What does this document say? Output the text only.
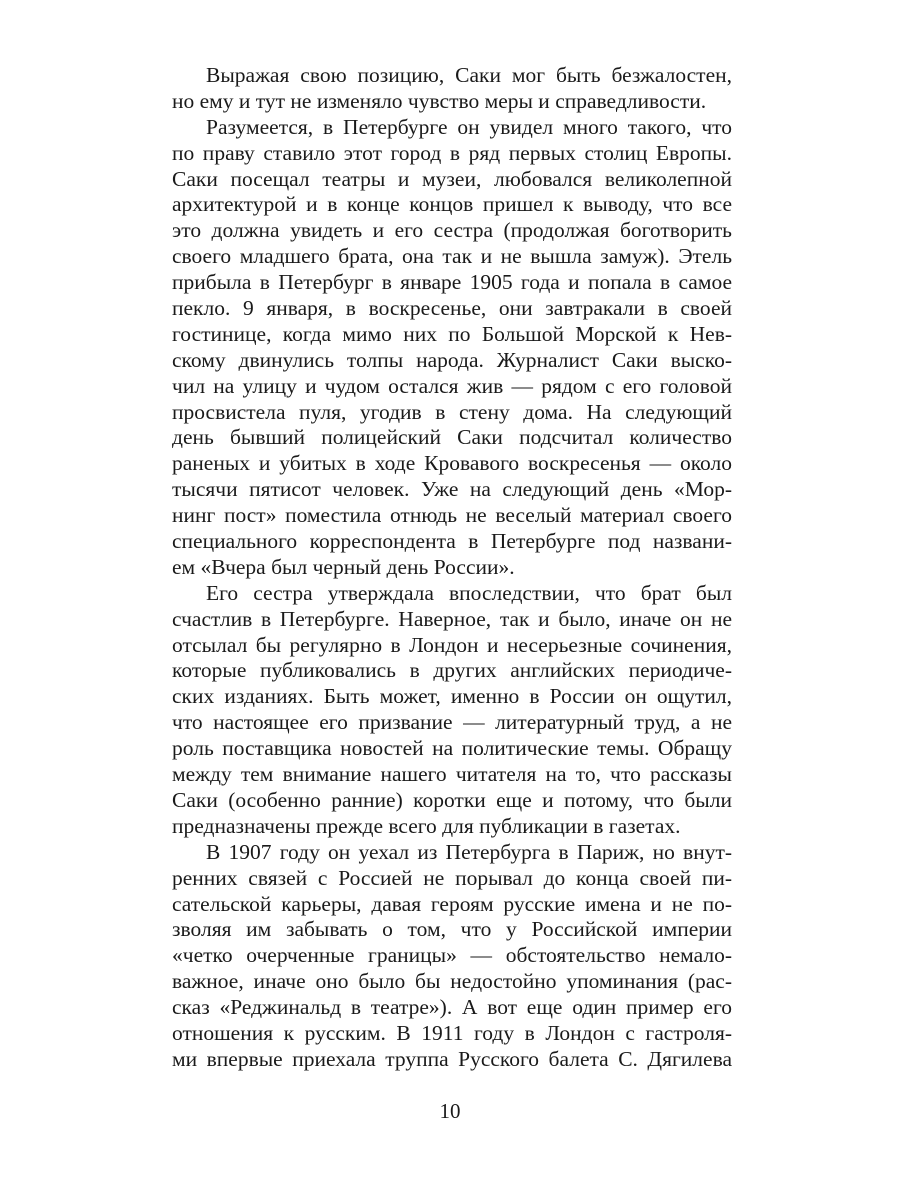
Выражая свою позицию, Саки мог быть безжалостен,
но ему и тут не изменяло чувство меры и справедливости.
Разумеется, в Петербурге он увидел много такого, что
по праву ставило этот город в ряд первых столиц Европы.
Саки посещал театры и музеи, любовался великолепной
архитектурой и в конце концов пришел к выводу, что все
это должна увидеть и его сестра (продолжая боготворить
своего младшего брата, она так и не вышла замуж). Этель
прибыла в Петербург в январе 1905 года и попала в самое
пекло. 9 января, в воскресенье, они завтракали в своей
гостинице, когда мимо них по Большой Морской к Нев-
скому двинулись толпы народа. Журналист Саки выско-
чил на улицу и чудом остался жив — рядом с его головой
просвистела пуля, угодив в стену дома. На следующий
день бывший полицейский Саки подсчитал количество
раненых и убитых в ходе Кровавого воскресенья — около
тысячи пятисот человек. Уже на следующий день «Мор-
нинг пост» поместила отнюдь не веселый материал своего
специального корреспондента в Петербурге под названи-
ем «Вчера был черный день России».
Его сестра утверждала впоследствии, что брат был
счастлив в Петербурге. Наверное, так и было, иначе он не
отсылал бы регулярно в Лондон и несерьезные сочинения,
которые публиковались в других английских периодиче-
ских изданиях. Быть может, именно в России он ощутил,
что настоящее его призвание — литературный труд, а не
роль поставщика новостей на политические темы. Обращу
между тем внимание нашего читателя на то, что рассказы
Саки (особенно ранние) коротки еще и потому, что были
предназначены прежде всего для публикации в газетах.
В 1907 году он уехал из Петербурга в Париж, но внут-
ренних связей с Россией не порывал до конца своей пи-
сательской карьеры, давая героям русские имена и не по-
зволяя им забывать о том, что у Российской империи
«четко очерченные границы» — обстоятельство немало-
важное, иначе оно было бы недостойно упоминания (рас-
сказ «Реджинальд в театре»). А вот еще один пример его
отношения к русским. В 1911 году в Лондон с гастроля-
ми впервые приехала труппа Русского балета С. Дягилева
10
